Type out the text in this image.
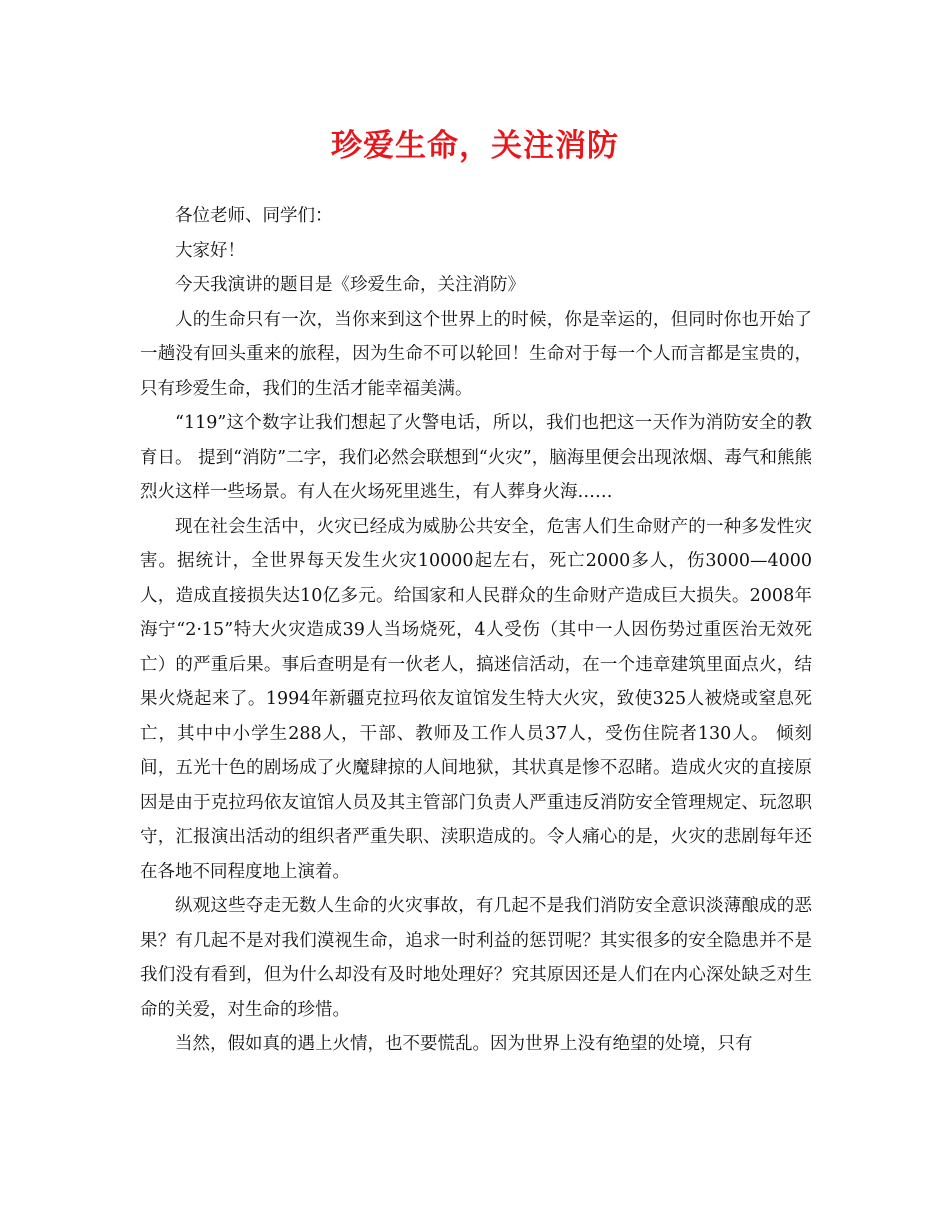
珍爱生命，关注消防

各位老师、同学们：

大家好！

今天我演讲的题目是《珍爱生命，关注消防》

人的生命只有一次，当你来到这个世界上的时候，你是幸运的，但同时你也开始了一趟没有回头重来的旅程，因为生命不可以轮回！生命对于每一个人而言都是宝贵的，只有珍爱生命，我们的生活才能幸福美满。

“119”这个数字让我们想起了火警电话，所以，我们也把这一天作为消防安全的教育日。 提到“消防”二字，我们必然会联想到“火灾”，脑海里便会出现浓烟、毒气和熊熊烈火这样一些场景。有人在火场死里逃生，有人葬身火海……

现在社会生活中，火灾已经成为威胁公共安全，危害人们生命财产的一种多发性灾害。据统计，全世界每天发生火灾10000起左右，死亡2000多人，伤3000—4000人，造成直接损失达10亿多元。给国家和人民群众的生命财产造成巨大损失。2008年海宁“2·15”特大火灾造成39人当场烧死，4人受伤（其中一人因伤势过重医治无效死亡）的严重后果。事后查明是有一伙老人，搞迷信活动，在一个违章建筑里面点火，结果火烧起来了。1994年新疆克拉玛依友谊馆发生特大火灾，致使325人被烧或窒息死亡，其中中小学生288人，干部、教师及工作人员37人，受伤住院者130人。 倾刻间，五光十色的剧场成了火魔肆掠的人间地狱，其状真是惨不忍睹。造成火灾的直接原因是由于克拉玛依友谊馆人员及其主管部门负责人严重违反消防安全管理规定、玩忽职守，汇报演出活动的组织者严重失职、渎职造成的。令人痛心的是，火灾的悲剧每年还在各地不同程度地上演着。

纵观这些夺走无数人生命的火灾事故，有几起不是我们消防安全意识淡薄酿成的恶果？有几起不是对我们漠视生命，追求一时利益的惩罚呢？其实很多的安全隐患并不是我们没有看到，但为什么却没有及时地处理好？究其原因还是人们在内心深处缺乏对生命的关爱，对生命的珍惜。

当然，假如真的遇上火情，也不要慌乱。因为世界上没有绝望的处境，只有
